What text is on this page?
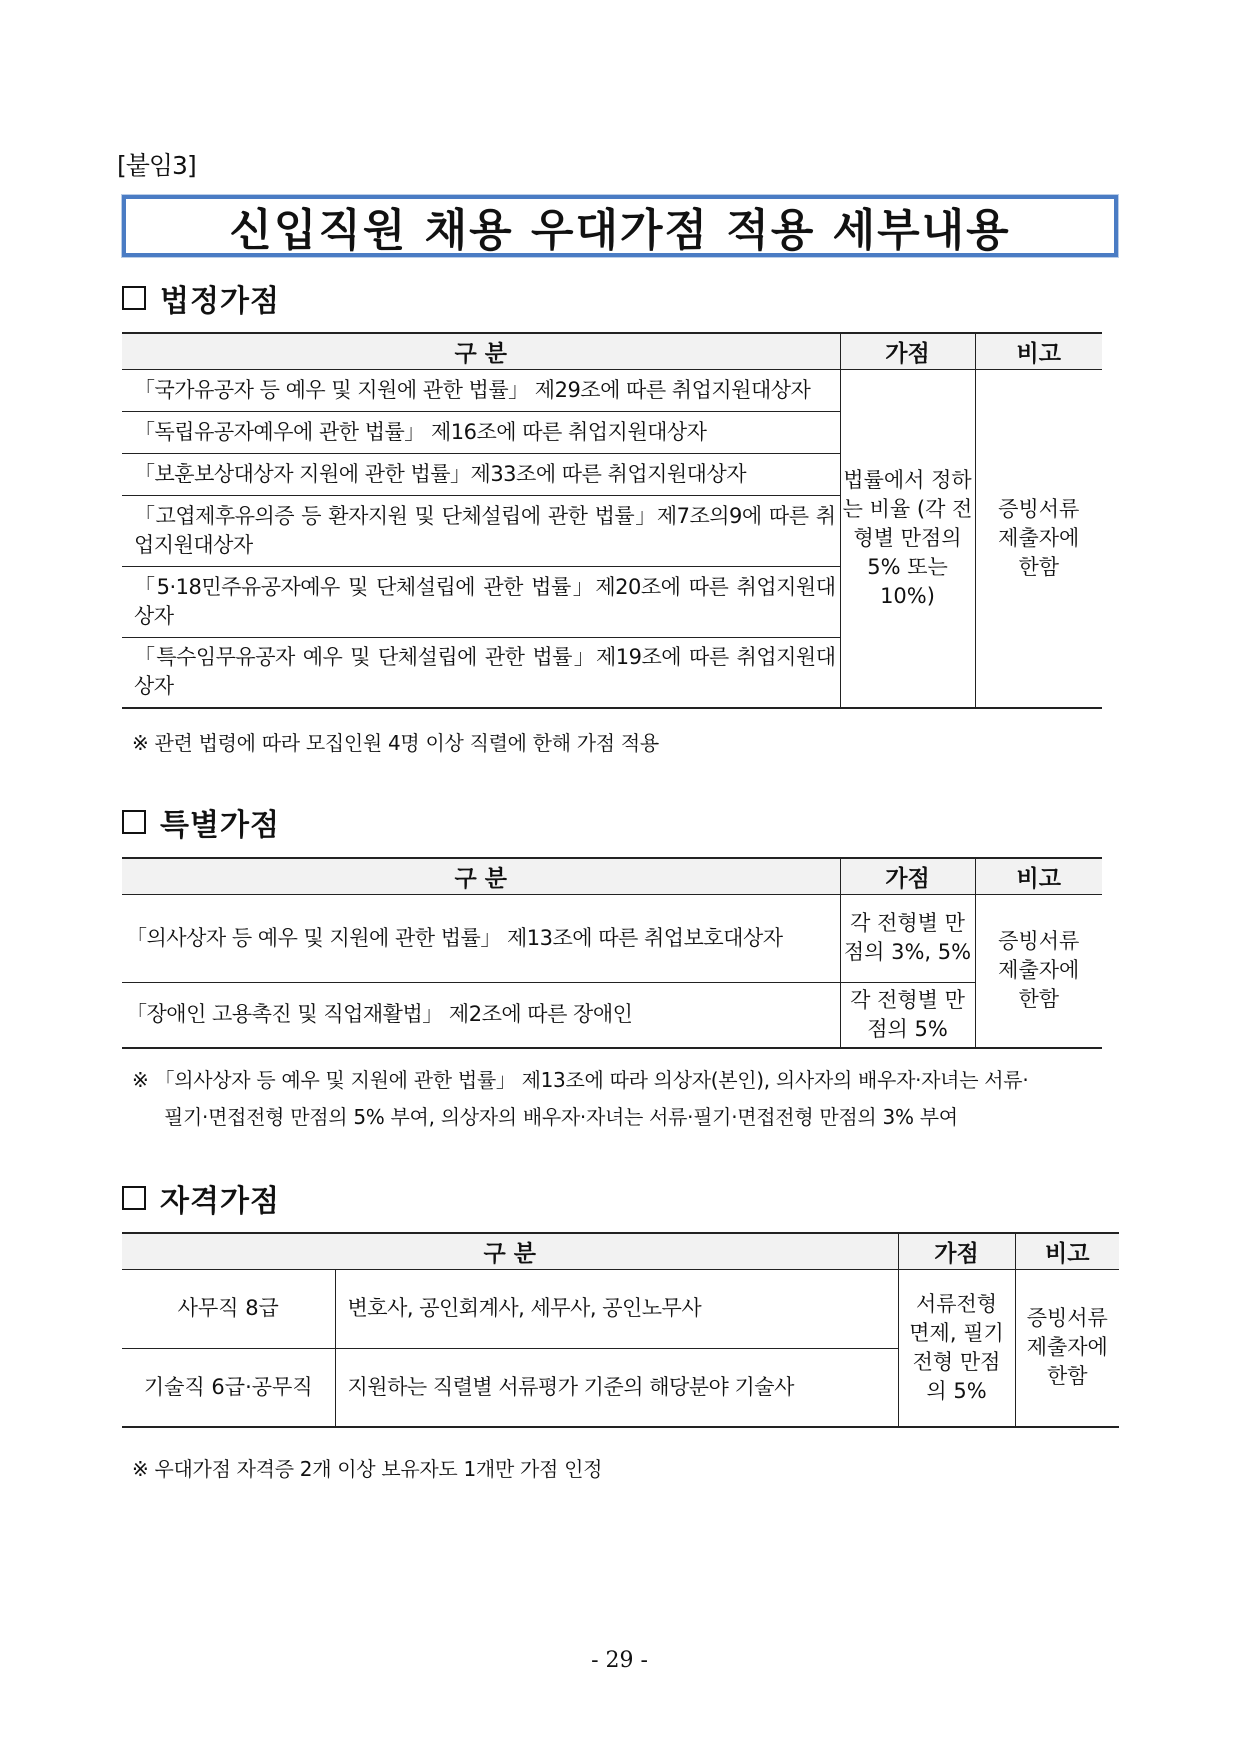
[붙임3]
신입직원 채용 우대가점 적용 세부내용
법정가점
구 분	가점	비고
「국가유공자 등 예우 및 지원에 관한 법률」 제29조에 따른 취업지원대상자	법률에서 정하는 비율 (각 전형별 만점의 5% 또는 10%)	증빙서류 제출자에 한함
「독립유공자예우에 관한 법률」 제16조에 따른 취업지원대상자		
「보훈보상대상자 지원에 관한 법률」제33조에 따른 취업지원대상자		
「고엽제후유의증 등 환자지원 및 단체설립에 관한 법률」제7조의9에 따른 취업지원대상자		
「5·18민주유공자예우 및 단체설립에 관한 법률」제20조에 따른 취업지원대상자		
「특수임무유공자 예우 및 단체설립에 관한 법률」제19조에 따른 취업지원대상자		
※ 관련 법령에 따라 모집인원 4명 이상 직렬에 한해 가점 적용
특별가점
구 분	가점	비고
「의사상자 등 예우 및 지원에 관한 법률」 제13조에 따른 취업보호대상자	각 전형별 만점의 3%, 5%	증빙서류 제출자에 한함
「장애인 고용촉진 및 직업재활법」 제2조에 따른 장애인	각 전형별 만점의 5%	
※ 「의사상자 등 예우 및 지원에 관한 법률」 제13조에 따라 의상자(본인), 의사자의 배우자·자녀는 서류·
필기·면접전형 만점의 5% 부여, 의상자의 배우자·자녀는 서류·필기·면접전형 만점의 3% 부여
자격가점
구 분		가점	비고
사무직 8급	변호사, 공인회계사, 세무사, 공인노무사	서류전형 면제, 필기전형 만점의 5%	증빙서류 제출자에 한함
기술직 6급·공무직	지원하는 직렬별 서류평가 기준의 해당분야 기술사		
※ 우대가점 자격증 2개 이상 보유자도 1개만 가점 인정
- 29 -
